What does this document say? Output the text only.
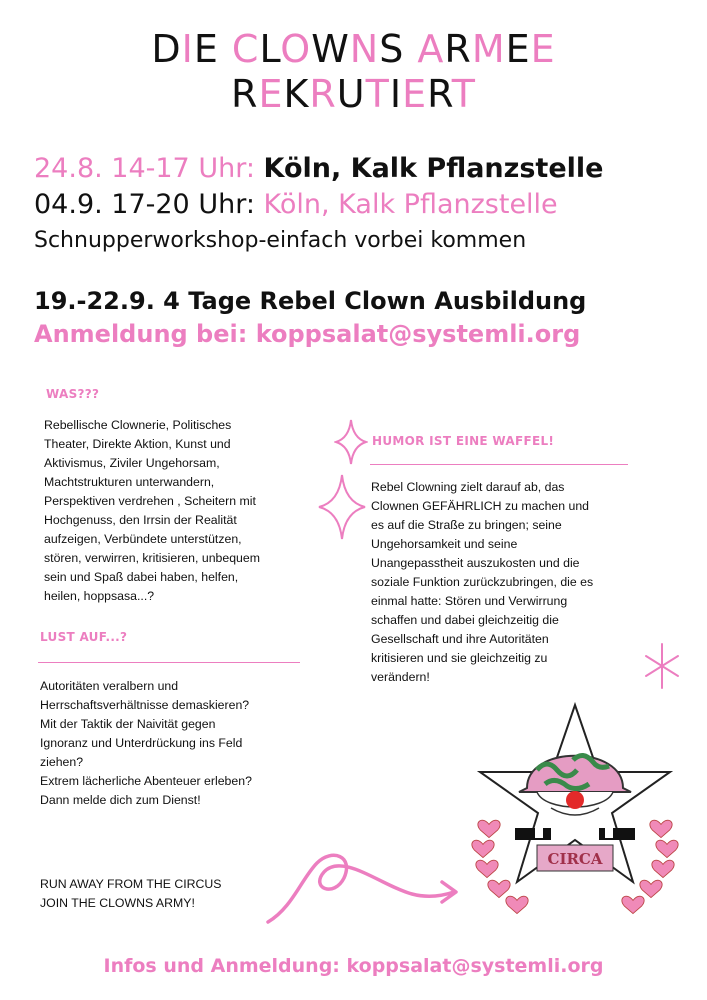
DIE CLOWNS ARMEE
REKRUTIERT
24.8. 14-17 Uhr: Köln, Kalk Pflanzstelle
04.9. 17-20 Uhr: Köln, Kalk Pflanzstelle
Schnupperworkshop-einfach vorbei kommen
19.-22.9. 4 Tage Rebel Clown Ausbildung
Anmeldung bei: koppsalat@systemli.org
WAS???
Rebellische Clownerie, Politisches
Theater, Direkte Aktion, Kunst und
Aktivismus, Ziviler Ungehorsam,
Machtstrukturen unterwandern,
Perspektiven verdrehen , Scheitern mit
Hochgenuss, den Irrsin der Realität
aufzeigen, Verbündete unterstützen,
stören, verwirren, kritisieren, unbequem
sein und Spaß dabei haben, helfen,
heilen, hoppsasa...?
LUST AUF...?
Autoritäten veralbern und
Herrschaftsverhältnisse demaskieren?
Mit der Taktik der Naivität gegen
Ignoranz und Unterdrückung ins Feld
ziehen?
Extrem lächerliche Abenteuer erleben?
Dann melde dich zum Dienst!
HUMOR IST EINE WAFFEL!
Rebel Clowning zielt darauf ab, das
Clownen GEFÄHRLICH zu machen und
es auf die Straße zu bringen; seine
Ungehorsamkeit und seine
Unangepasstheit auszukosten und die
soziale Funktion zurückzubringen, die es
einmal hatte: Stören und Verwirrung
schaffen und dabei gleichzeitig die
Gesellschaft und ihre Autoritäten
kritisieren und sie gleichzeitig zu
verändern!
RUN AWAY FROM THE CIRCUS
JOIN THE CLOWNS ARMY!
CIRCA
Infos und Anmeldung: koppsalat@systemli.org
